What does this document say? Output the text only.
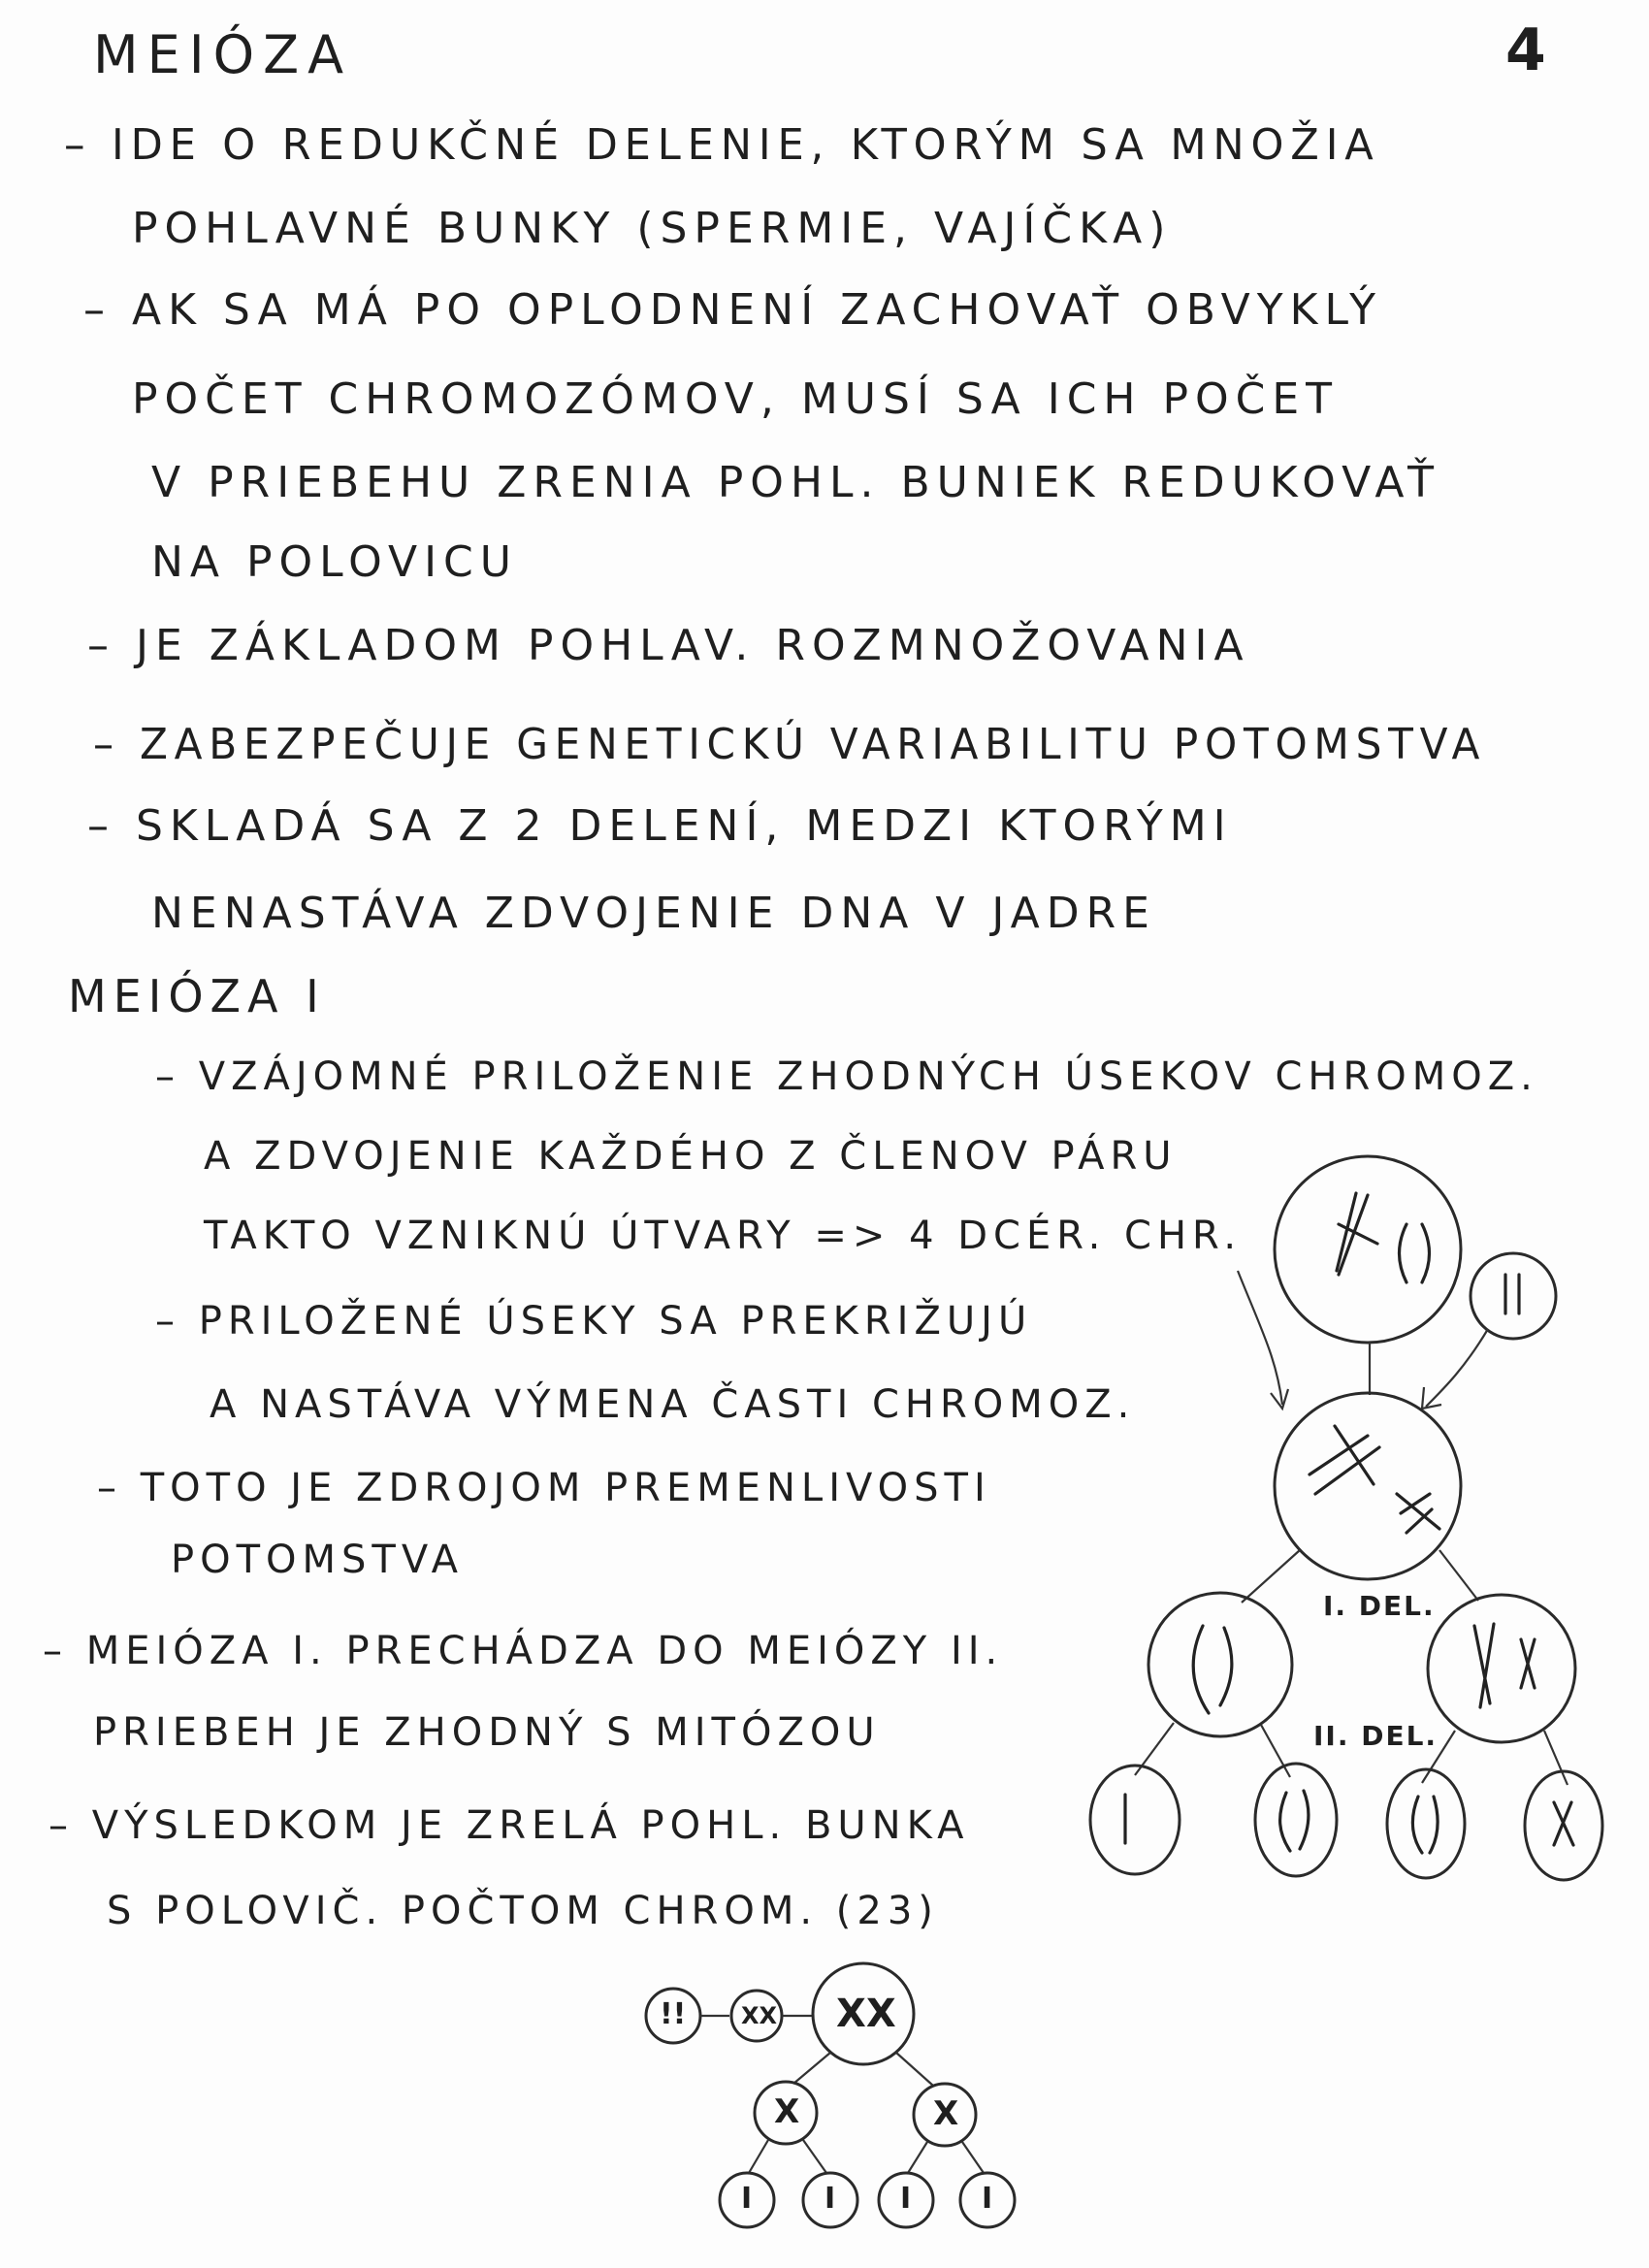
MEIÓZA	4
– IDE O REDUKČNÉ DELENIE, KTORÝM SA MNOŽIA
POHLAVNÉ BUNKY (SPERMIE, VAJÍČKA)
– AK SA MÁ PO OPLODNENÍ ZACHOVAŤ OBVYKLÝ
POČET CHROMOZÓMOV, MUSÍ SA ICH POČET
V PRIEBEHU ZRENIA POHL. BUNIEK REDUKOVAŤ
NA POLOVICU
– JE ZÁKLADOM POHLAV. ROZMNOŽOVANIA
– ZABEZPEČUJE GENETICKÚ VARIABILITU POTOMSTVA
– SKLADÁ SA Z 2 DELENÍ, MEDZI KTORÝMI
NENASTÁVA ZDVOJENIE DNA V JADRE
MEIÓZA I
– VZÁJOMNÉ PRILOŽENIE ZHODNÝCH ÚSEKOV CHROMOZ.
A ZDVOJENIE KAŽDÉHO Z ČLENOV PÁRU
TAKTO VZNIKNÚ ÚTVARY => 4 DCÉR. CHR.
– PRILOŽENÉ ÚSEKY SA PREKRIŽUJÚ
A NASTÁVA VÝMENA ČASTI CHROMOZ.
– TOTO JE ZDROJOM PREMENLIVOSTI
POTOMSTVA
– MEIÓZA I. PRECHÁDZA DO MEIÓZY II.
PRIEBEH JE ZHODNÝ S MITÓZOU
– VÝSLEDKOM JE ZRELÁ POHL. BUNKA
S POLOVIČ. POČTOM CHROM. (23)
I. DEL.
II. DEL.
!! XX XX
X	X
I I I I
